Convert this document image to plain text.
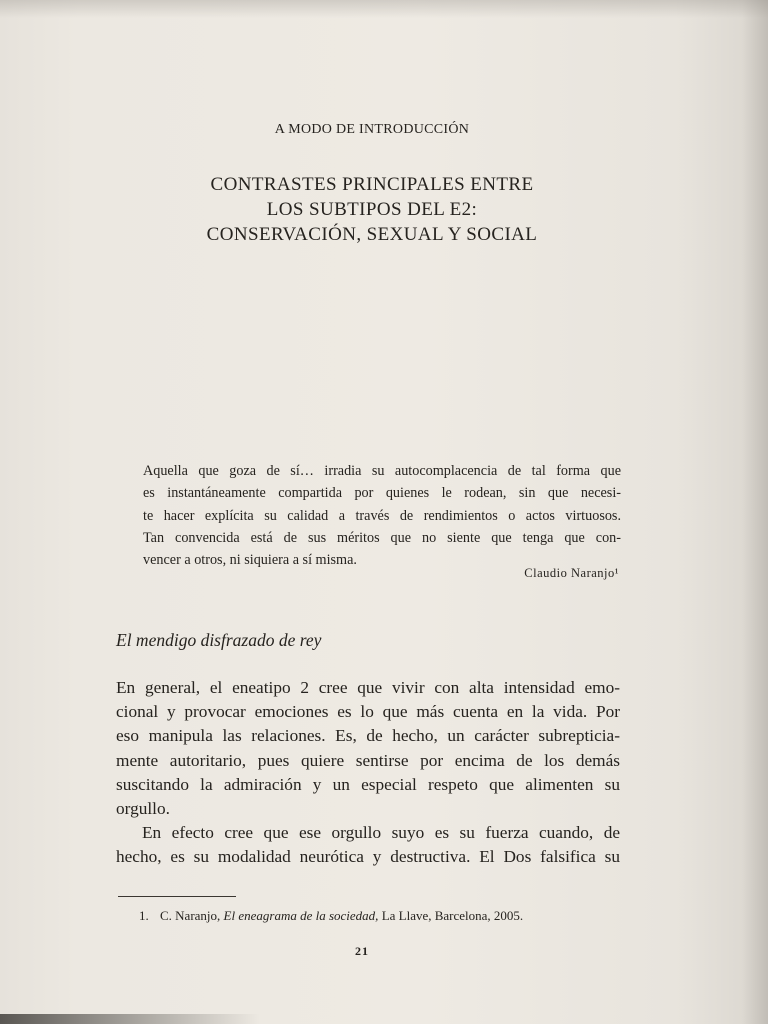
A MODO DE INTRODUCCIÓN
CONTRASTES PRINCIPALES ENTRE
LOS SUBTIPOS DEL E2:
CONSERVACIÓN, SEXUAL Y SOCIAL
Aquella que goza de sí… irradia su autocomplacencia de tal forma que
es instantáneamente compartida por quienes le rodean, sin que necesi-
te hacer explícita su calidad a través de rendimientos o actos virtuosos.
Tan convencida está de sus méritos que no siente que tenga que con-
vencer a otros, ni siquiera a sí misma.
Claudio Naranjo¹
El mendigo disfrazado de rey
En general, el eneatipo 2 cree que vivir con alta intensidad emo-
cional y provocar emociones es lo que más cuenta en la vida. Por
eso manipula las relaciones. Es, de hecho, un carácter subrepticia-
mente autoritario, pues quiere sentirse por encima de los demás
suscitando la admiración y un especial respeto que alimenten su
orgullo.
En efecto cree que ese orgullo suyo es su fuerza cuando, de
hecho, es su modalidad neurótica y destructiva. El Dos falsifica su
1. C. Naranjo, El eneagrama de la sociedad, La Llave, Barcelona, 2005.
21
